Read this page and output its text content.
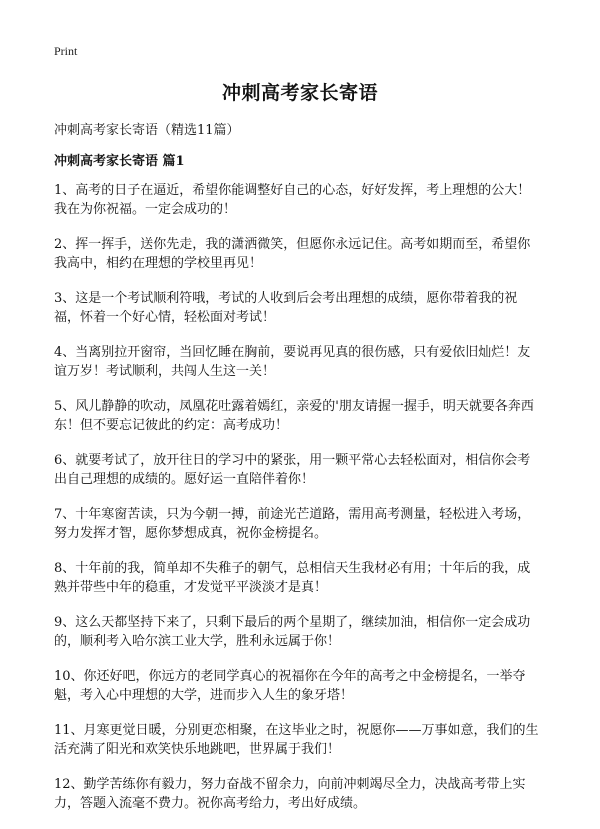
Print
冲刺高考家长寄语

冲刺高考家长寄语（精选11篇）

冲刺高考家长寄语 篇1
1、高考的日子在逼近，希望你能调整好自己的心态，好好发挥，考上理想的公大！我在为你祝福。一定会成功的！
2、挥一挥手，送你先走，我的潇洒微笑，但愿你永远记住。高考如期而至，希望你我高中，相约在理想的学校里再见！
3、这是一个考试顺利符哦，考试的人收到后会考出理想的成绩，愿你带着我的祝福，怀着一个好心情，轻松面对考试！
4、当离别拉开窗帘，当回忆睡在胸前，要说再见真的很伤感，只有爱依旧灿烂！友谊万岁！考试顺利，共闯人生这一关！
5、风儿静静的吹动，凤凰花吐露着嫣红，亲爱的'朋友请握一握手，明天就要各奔西东！但不要忘记彼此的约定：高考成功！
6、就要考试了，放开往日的学习中的紧张，用一颗平常心去轻松面对，相信你会考出自己理想的成绩的。愿好运一直陪伴着你！
7、十年寒窗苦读，只为今朝一搏，前途光芒道路，需用高考测量，轻松进入考场，努力发挥才智，愿你梦想成真，祝你金榜提名。
8、十年前的我，简单却不失稚子的朝气，总相信天生我材必有用；十年后的我，成熟并带些中年的稳重，才发觉平平淡淡才是真！
9、这么天都坚持下来了，只剩下最后的两个星期了，继续加油，相信你一定会成功的，顺利考入哈尔滨工业大学，胜利永远属于你！
10、你还好吧，你远方的老同学真心的祝福你在今年的高考之中金榜提名，一举夺魁，考入心中理想的大学，进而步入人生的象牙塔！
11、月寒更觉日暖，分别更恋相聚，在这毕业之时，祝愿你——万事如意，我们的生活充满了阳光和欢笑快乐地跳吧，世界属于我们！
12、勤学苦练你有毅力，努力奋战不留余力，向前冲刺竭尽全力，决战高考带上实力，答题入流毫不费力。祝你高考给力，考出好成绩。
